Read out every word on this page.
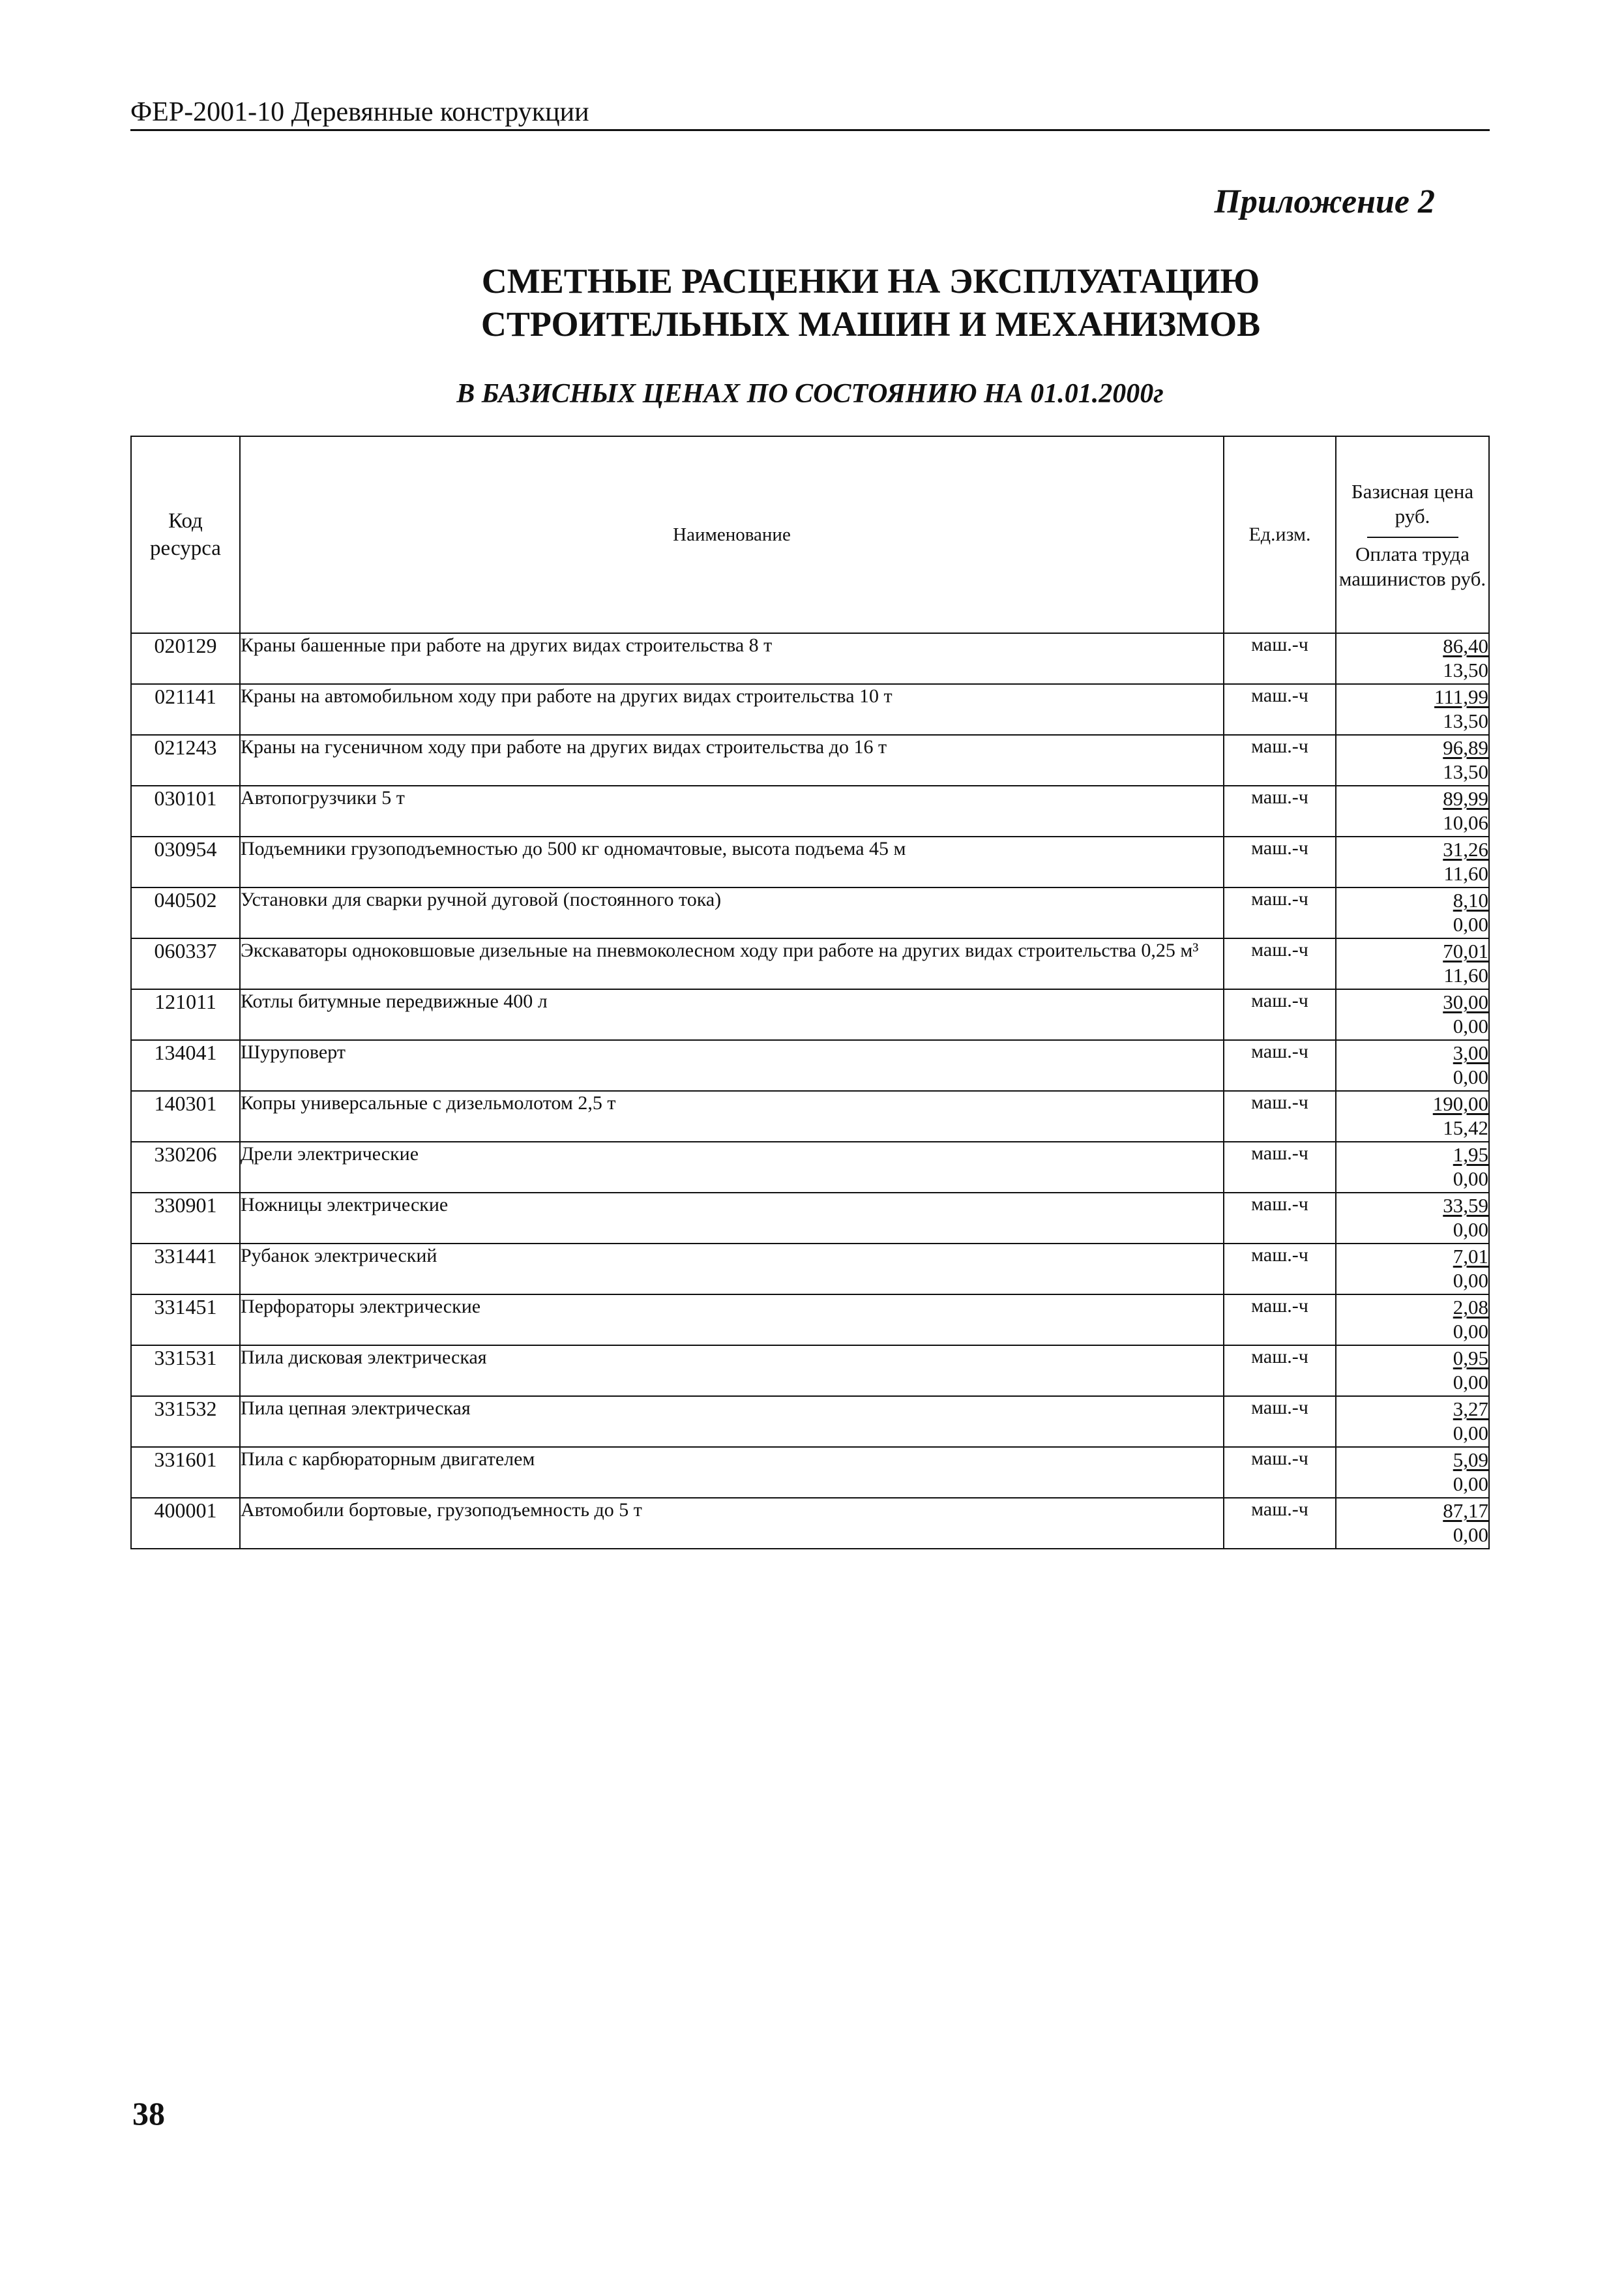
ФЕР-2001-10 Деревянные конструкции
Приложение 2
СМЕТНЫЕ РАСЦЕНКИ НА ЭКСПЛУАТАЦИЮ
СТРОИТЕЛЬНЫХ МАШИН И МЕХАНИЗМОВ
В БАЗИСНЫХ ЦЕНАХ ПО СОСТОЯНИЮ НА 01.01.2000г
Код ресурса	Наименование	Ед.изм.	Базисная цена руб.
Оплата труда машинистов руб.

020129	Краны башенные при работе на других видах строительства 8 т	маш.-ч	86,40
13,50

021141	Краны на автомобильном ходу при работе на других видах строительства 10 т	маш.-ч	111,99
13,50

021243	Краны на гусеничном ходу при работе на других видах строительства до 16 т	маш.-ч	96,89
13,50

030101	Автопогрузчики 5 т	маш.-ч	89,99
10,06

030954	Подъемники грузоподъемностью до 500 кг одномачтовые, высота подъема 45 м	маш.-ч	31,26
11,60

040502	Установки для сварки ручной дуговой (постоянного тока)	маш.-ч	8,10
0,00

060337	Экскаваторы одноковшовые дизельные на пневмоколесном ходу при работе на других видах строительства 0,25 м³	маш.-ч	70,01
11,60

121011	Котлы битумные передвижные 400 л	маш.-ч	30,00
0,00

134041	Шуруповерт	маш.-ч	3,00
0,00

140301	Копры универсальные с дизельмолотом 2,5 т	маш.-ч	190,00
15,42

330206	Дрели электрические	маш.-ч	1,95
0,00

330901	Ножницы электрические	маш.-ч	33,59
0,00

331441	Рубанок электрический	маш.-ч	7,01
0,00

331451	Перфораторы электрические	маш.-ч	2,08
0,00

331531	Пила дисковая электрическая	маш.-ч	0,95
0,00

331532	Пила цепная электрическая	маш.-ч	3,27
0,00

331601	Пила с карбюраторным двигателем	маш.-ч	5,09
0,00

400001	Автомобили бортовые, грузоподъемность до 5 т	маш.-ч	87,17
0,00
38
